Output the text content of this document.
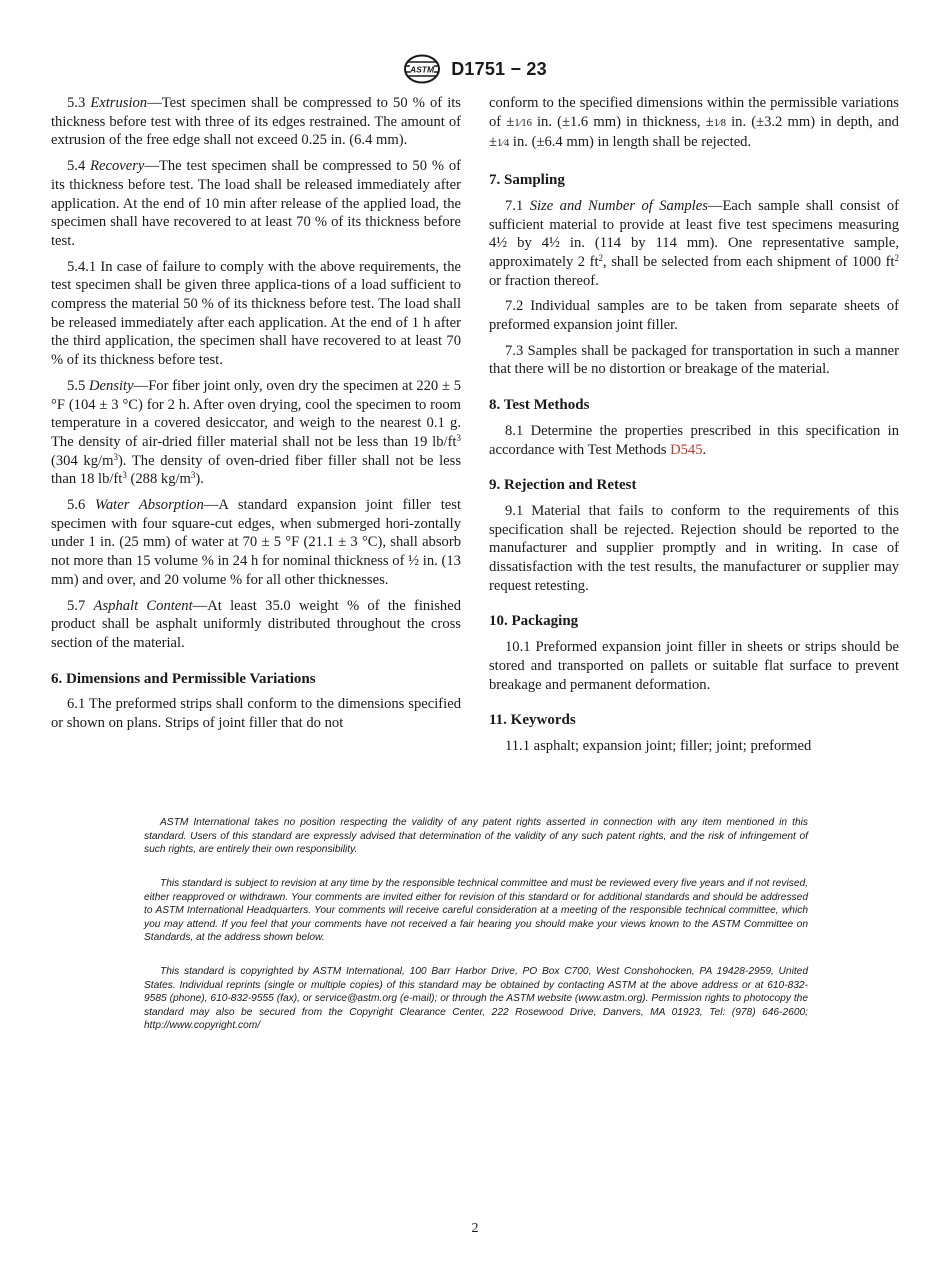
ASTM D1751 − 23

5.3 Extrusion—Test specimen shall be compressed to 50 % of its thickness before test with three of its edges restrained. The amount of extrusion of the free edge shall not exceed 0.25 in. (6.4 mm).

5.4 Recovery—The test specimen shall be compressed to 50 % of its thickness before test. The load shall be released immediately after application. At the end of 10 min after release of the applied load, the specimen shall have recovered to at least 70 % of its thickness before test.

5.4.1 In case of failure to comply with the above requirements, the test specimen shall be given three applica-tions of a load sufficient to compress the material 50 % of its thickness before test. The load shall be released immediately after each application. At the end of 1 h after the third application, the specimen shall have recovered to at least 70 % of its thickness before test.

5.5 Density—For fiber joint only, oven dry the specimen at 220 ± 5 °F (104 ± 3 °C) for 2 h. After oven drying, cool the specimen to room temperature in a covered desiccator, and weigh to the nearest 0.1 g. The density of air-dried filler material shall not be less than 19 $lb/ft^3$ (304 $kg/m^3$). The density of oven-dried fiber filler shall not be less than 18 $lb/ft^3$ (288 $kg/m^3$).

5.6 Water Absorption—A standard expansion joint filler test specimen with four square-cut edges, when submerged hori-zontally under 1 in. (25 mm) of water at 70 ± 5 °F (21.1 ± 3 °C), shall absorb not more than 15 volume % in 24 h for nominal thickness of ½ in. (13 mm) and over, and 20 volume % for all other thicknesses.

5.7 Asphalt Content—At least 35.0 weight % of the finished product shall be asphalt uniformly distributed throughout the cross section of the material.

6. Dimensions and Permissible Variations

6.1 The preformed strips shall conform to the dimensions specified or shown on plans. Strips of joint filler that do not

conform to the specified dimensions within the permissible variations of ±1⁄16 in. (±1.6 mm) in thickness, ±1⁄8 in. (±3.2 mm) in depth, and ±1⁄4 in. (±6.4 mm) in length shall be rejected.

7. Sampling

7.1 Size and Number of Samples—Each sample shall consist of sufficient material to provide at least five test specimens measuring 4½ by 4½ in. (114 by 114 mm). One representative sample, approximately 2 $ft^2$, shall be selected from each shipment of 1000 $ft^2$ or fraction thereof.

7.2 Individual samples are to be taken from separate sheets of preformed expansion joint filler.

7.3 Samples shall be packaged for transportation in such a manner that there will be no distortion or breakage of the material.

8. Test Methods

8.1 Determine the properties prescribed in this specification in accordance with Test Methods D545.

9. Rejection and Retest

9.1 Material that fails to conform to the requirements of this specification shall be rejected. Rejection should be reported to the manufacturer and supplier promptly and in writing. In case of dissatisfaction with the test results, the manufacturer or supplier may request retesting.

10. Packaging

10.1 Preformed expansion joint filler in sheets or strips should be stored and transported on pallets or suitable flat surface to prevent breakage and permanent deformation.

11. Keywords

11.1 asphalt; expansion joint; filler; joint; preformed

ASTM International takes no position respecting the validity of any patent rights asserted in connection with any item mentioned in this standard. Users of this standard are expressly advised that determination of the validity of any such patent rights, and the risk of infringement of such rights, are entirely their own responsibility.

This standard is subject to revision at any time by the responsible technical committee and must be reviewed every five years and if not revised, either reapproved or withdrawn. Your comments are invited either for revision of this standard or for additional standards and should be addressed to ASTM International Headquarters. Your comments will receive careful consideration at a meeting of the responsible technical committee, which you may attend. If you feel that your comments have not received a fair hearing you should make your views known to the ASTM Committee on Standards, at the address shown below.

This standard is copyrighted by ASTM International, 100 Barr Harbor Drive, PO Box C700, West Conshohocken, PA 19428-2959, United States. Individual reprints (single or multiple copies) of this standard may be obtained by contacting ASTM at the above address or at 610-832-9585 (phone), 610-832-9555 (fax), or service@astm.org (e-mail); or through the ASTM website (www.astm.org). Permission rights to photocopy the standard may also be secured from the Copyright Clearance Center, 222 Rosewood Drive, Danvers, MA 01923, Tel: (978) 646-2600; http://www.copyright.com/

2
